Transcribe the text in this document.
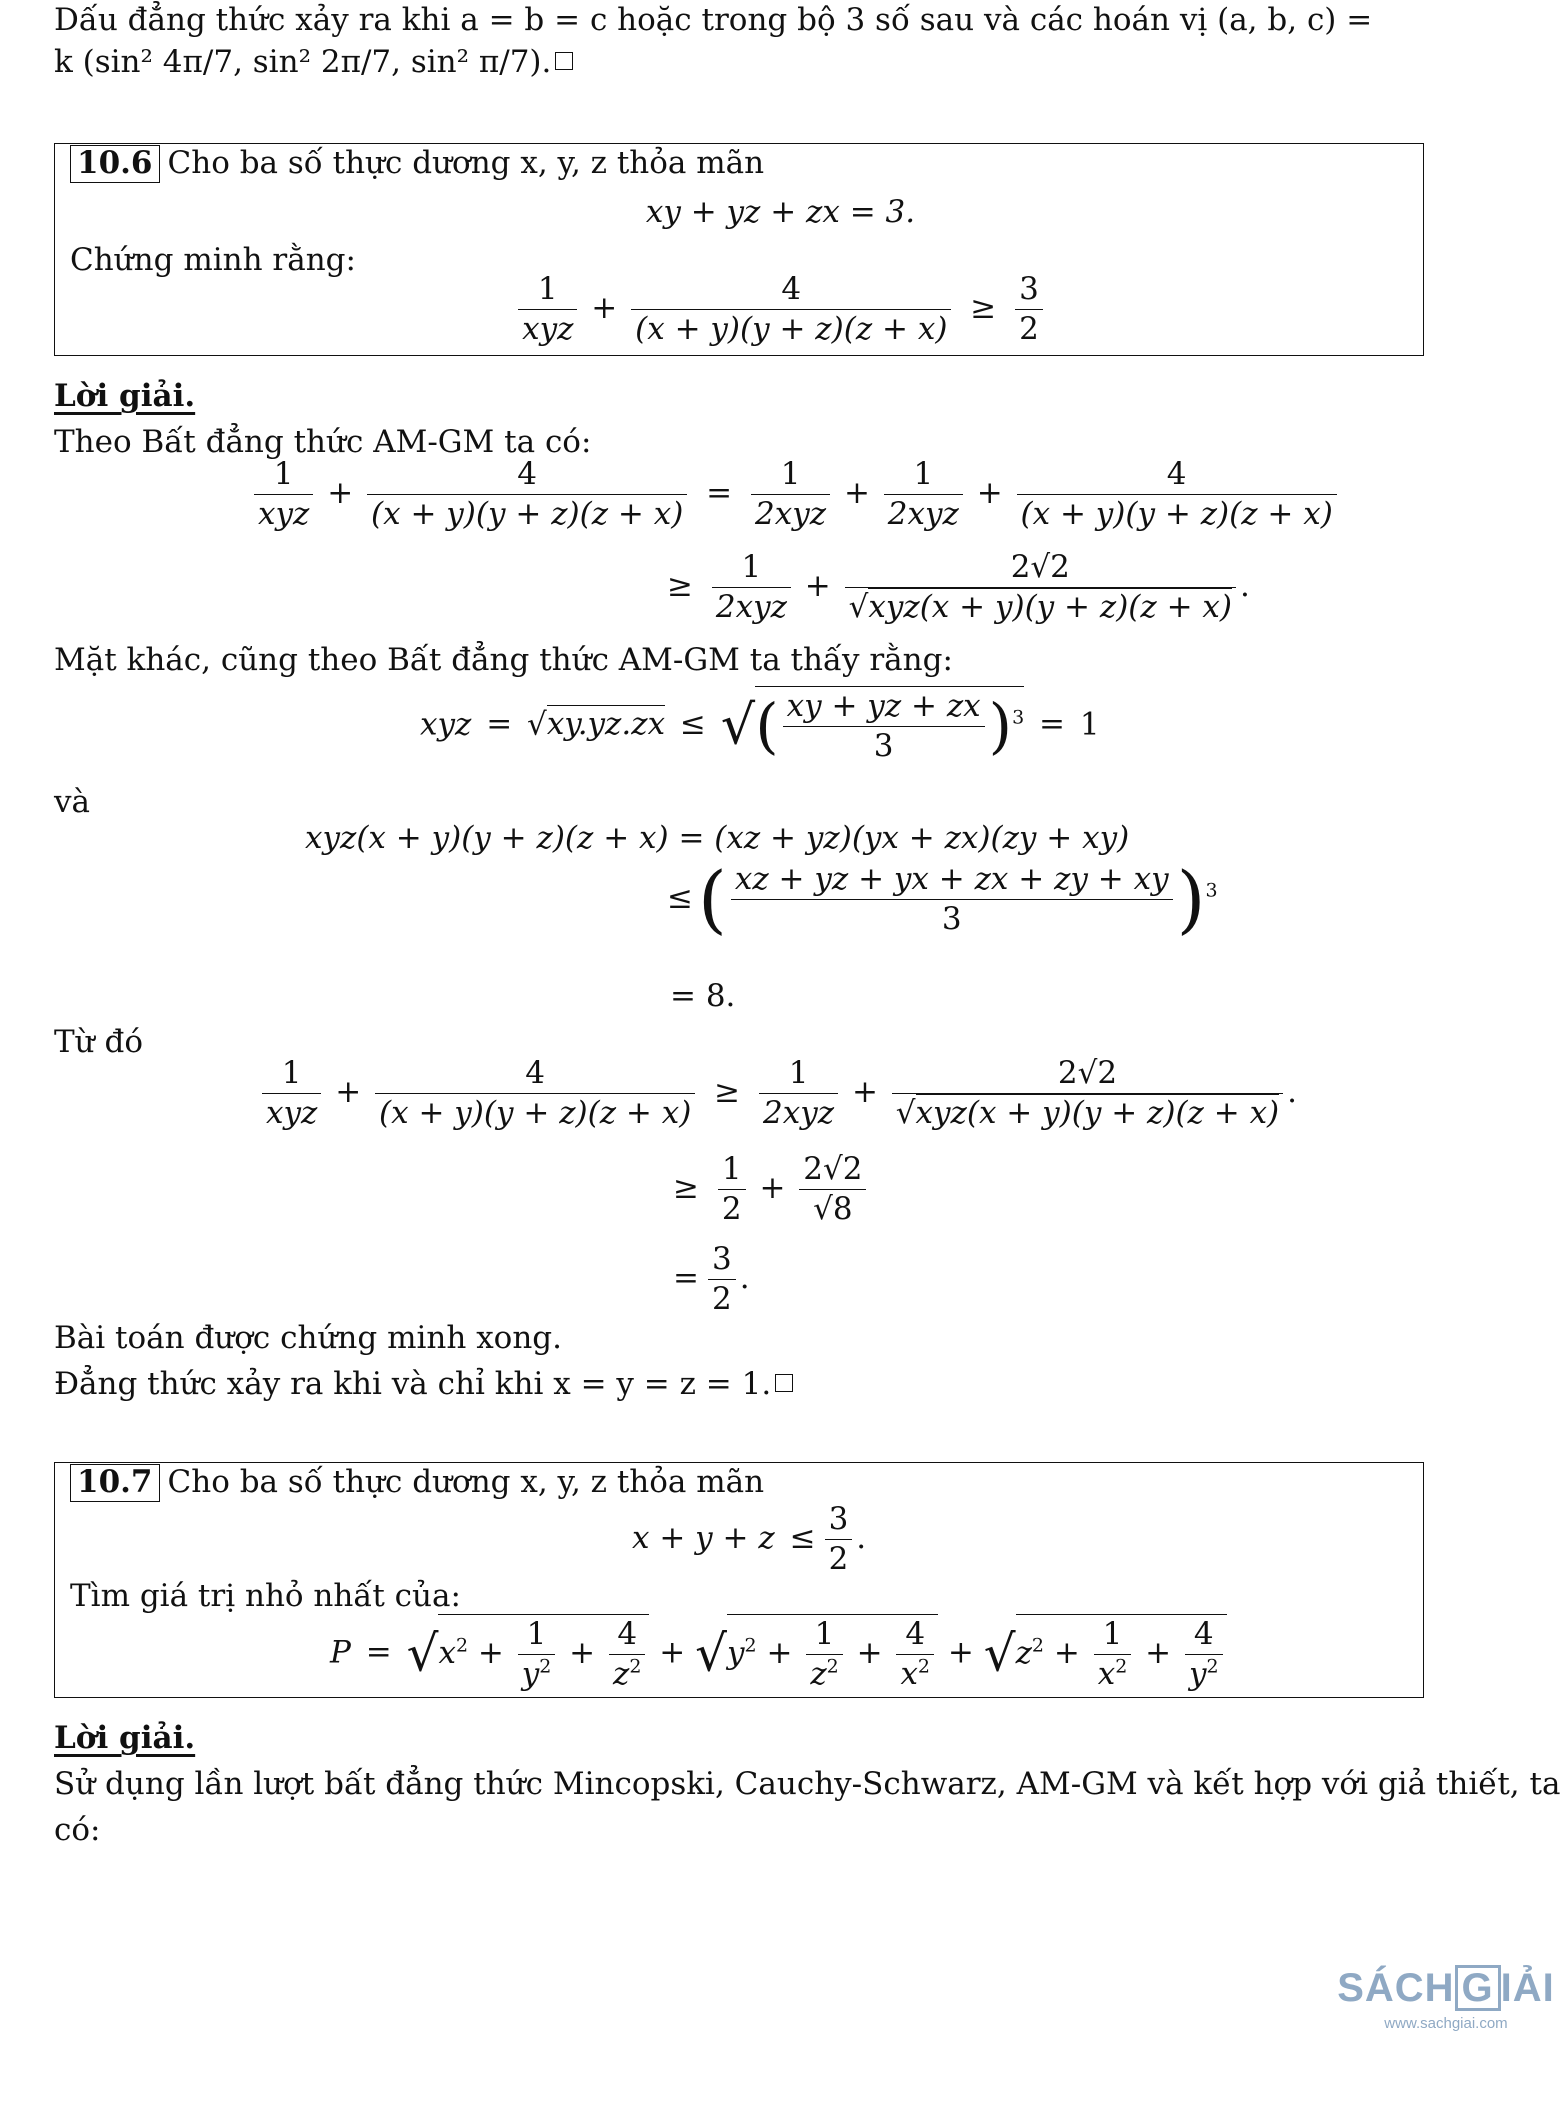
Dấu đẳng thức xảy ra khi a = b = c hoặc trong bộ 3 số sau và các hoán vị (a, b, c) =
k (sin² 4π/7, sin² 2π/7, sin² π/7).
10.6 Cho ba số thực dương x, y, z thỏa mãn
xy + yz + zx = 3.
Chứng minh rằng:
$\frac{1}{\text{xyz}} + \frac{4}{(x + y)(y + z)(z + x)} \ge \frac{3}{2}$
Lời giải.
Theo Bất đẳng thức AM-GM ta có:
$\frac{1}{\text{xyz}} + \frac{4}{(x + y)(y + z)(z + x)} = \frac{1}{\text{2xyz}} + \frac{1}{\text{2xyz}} + \frac{4}{(x + y)(y + z)(z + x)}$
≥ $\frac{1}{\text{2xyz}} + \frac{2√2}{\text{√xyz(x + y)(y + z)(z + x)}}$ .
Mặt khác, cũng theo Bất đẳng thức AM-GM ta thấy rằng:
xyz = √xy.yz.zx ≤ √( $\frac{xy + yz + zx}{3} )^3 = 1$
và
xyz(x + y)(y + z)(z + x) = (xz + yz)(yx + zx)(zy + xy)
≤( $\frac{xz + yz + yx + zx + zy + xy}{3} )^3$
= 8.
Từ đó
$\frac{1}{\text{xyz}} + \frac{4}{(x + y)(y + z)(z + x)} \ge \frac{1}{\text{2xyz}} + \frac{2√2}{\text{√xyz(x + y)(y + z)(z + x)}}$ .
≥ $\frac{1}{2} + \frac{2√2}{√8}$
= $\frac{3}{2}$ .
Bài toán được chứng minh xong.
Đẳng thức xảy ra khi và chỉ khi x = y = z = 1.
10.7 Cho ba số thực dương x, y, z thỏa mãn
$x + y + z \le \frac{3}{2}$ .
Tìm giá trị nhỏ nhất của:
$P = √x^2 + \frac{1}{y^2} + \frac{4}{z^2} + √y^2 + \frac{1}{z^2} + \frac{4}{x^2} + √z^2 + \frac{1}{x^2} + \frac{4}{y^2}$
Lời giải.
Sử dụng lần lượt bất đẳng thức Mincopski, Cauchy-Schwarz, AM-GM và kết hợp với giả thiết, ta
có:
SÁCH G IẢI
www.sachgiai.com
